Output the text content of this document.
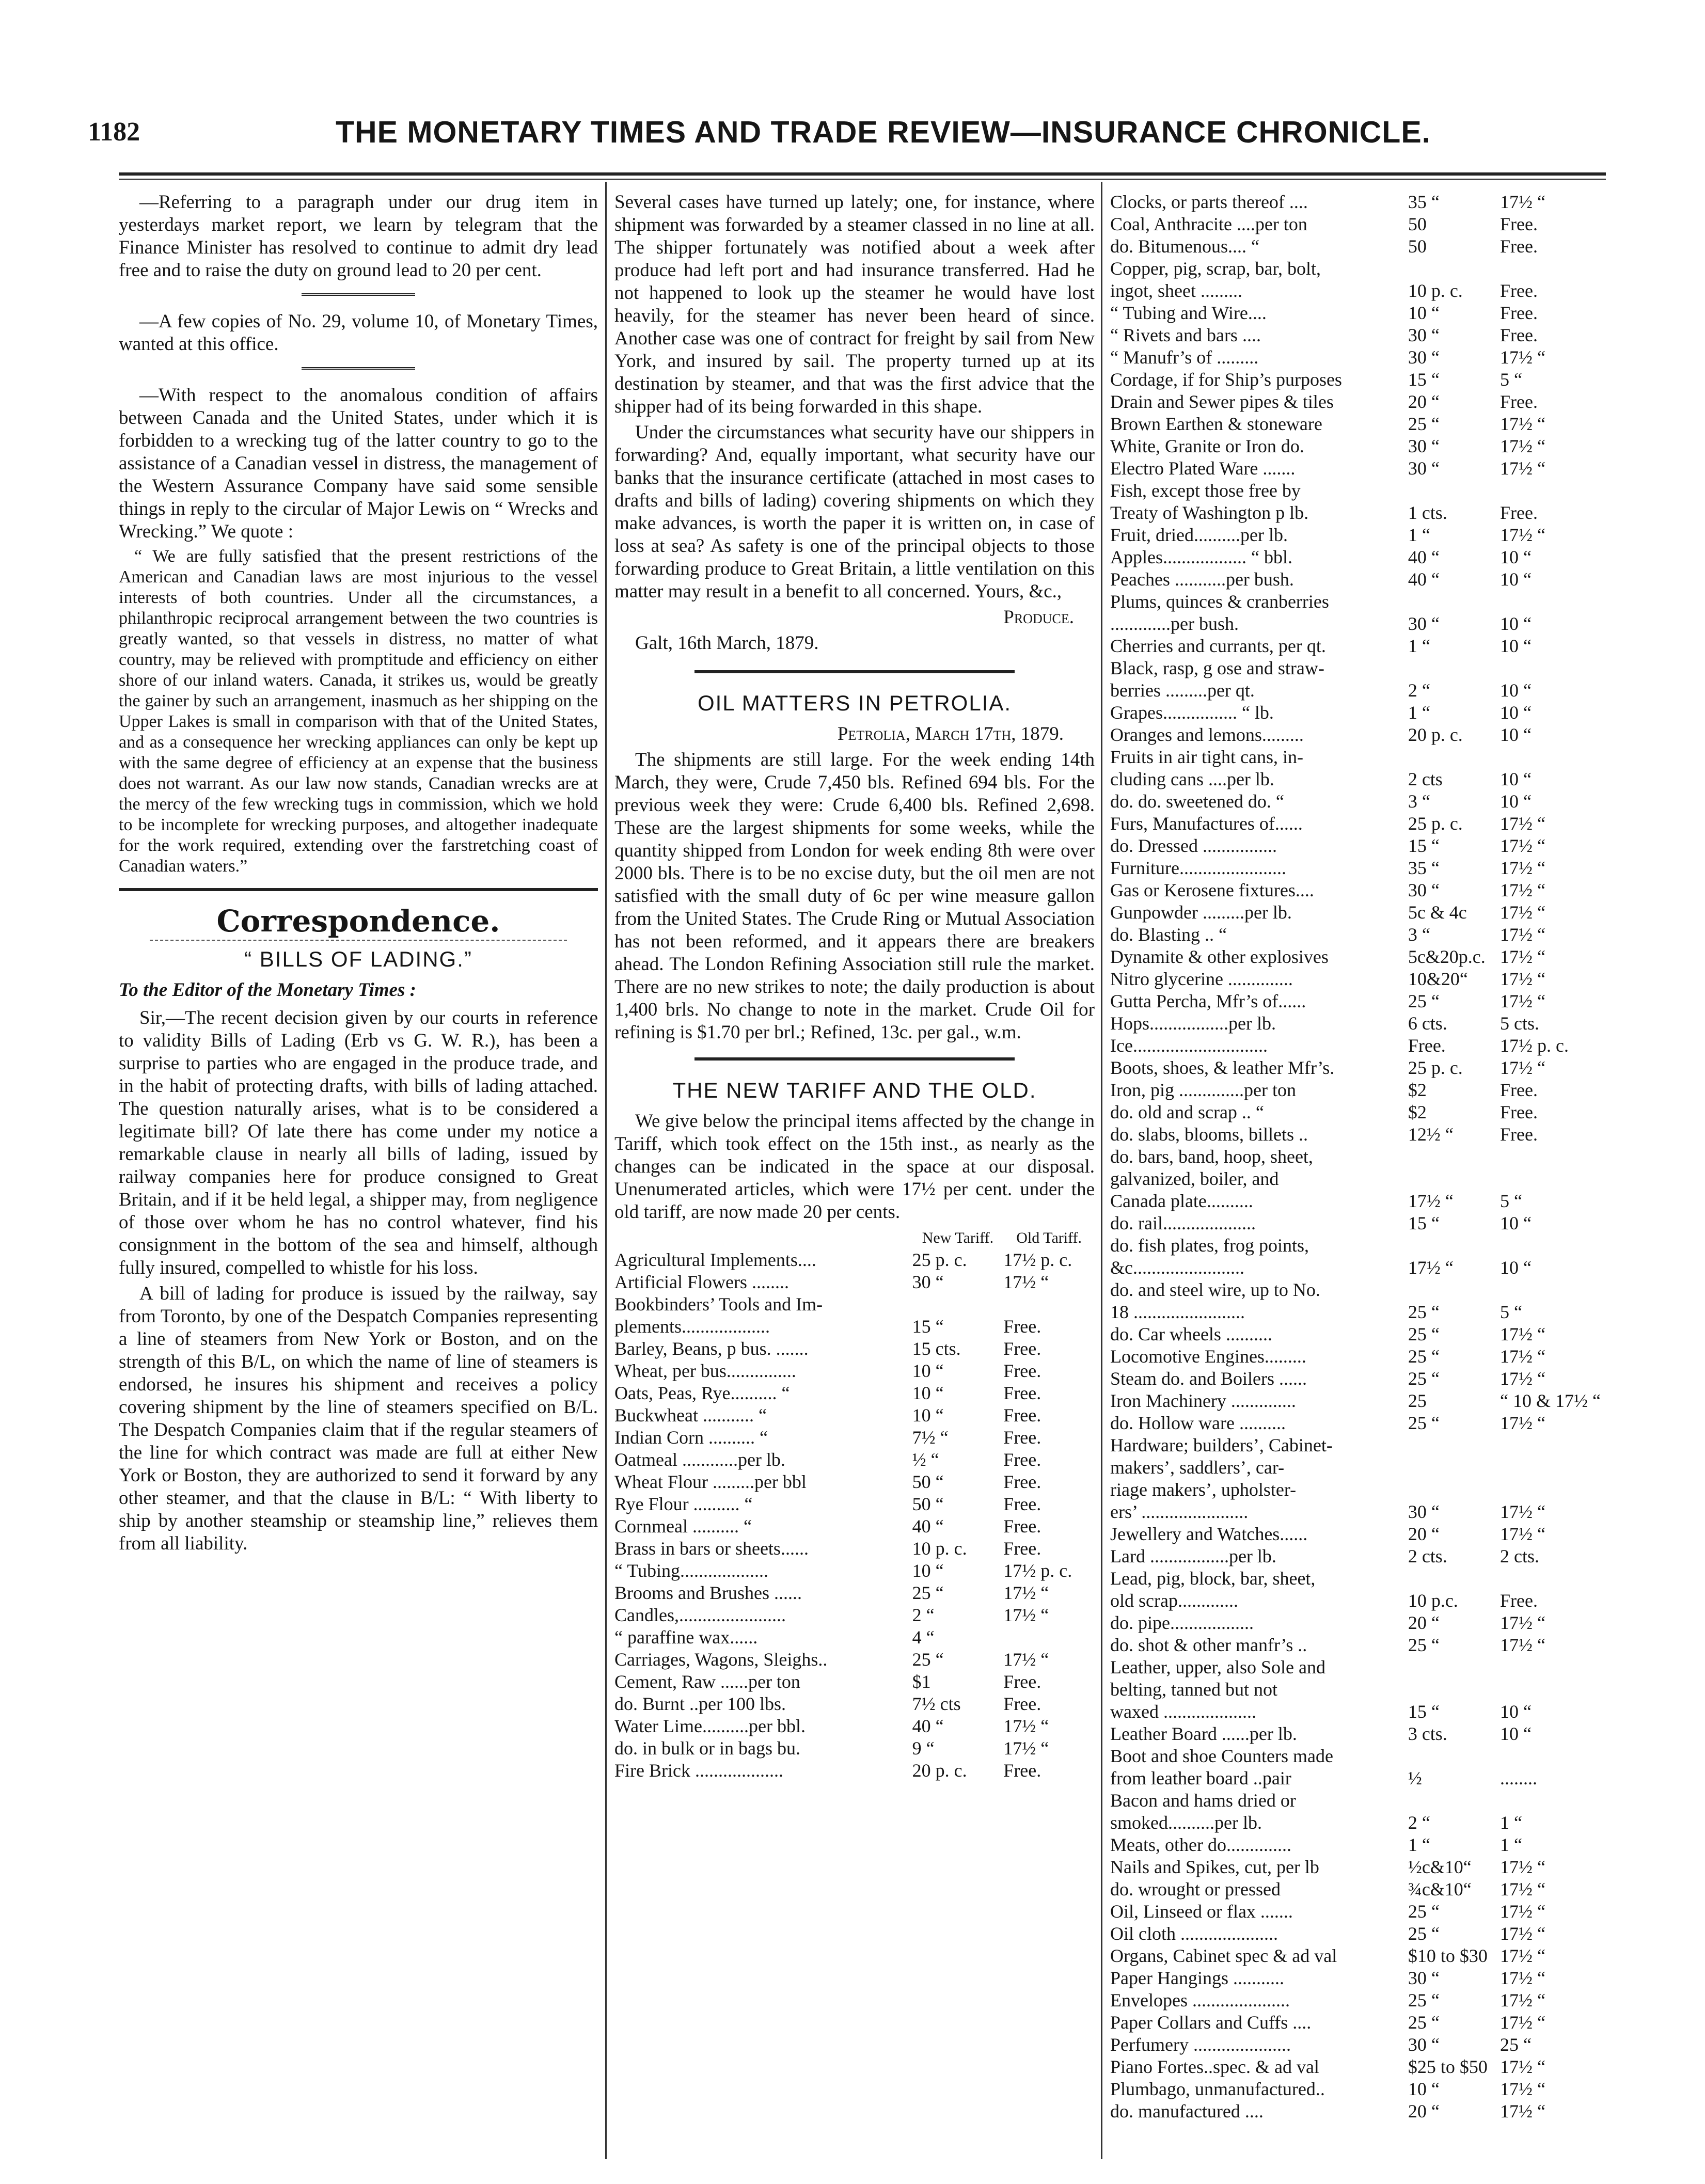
1182	THE MONETARY TIMES AND TRADE REVIEW—INSURANCE CHRONICLE.

—Referring to a paragraph under our drug item in yesterdays market report, we learn by telegram that the Finance Minister has resolved to continue to admit dry lead free and to raise the duty on ground lead to 20 per cent.

—A few copies of No. 29, volume 10, of Monetary Times, wanted at this office.

—With respect to the anomalous condition of affairs between Canada and the United States, under which it is forbidden to a wrecking tug of the latter country to go to the assistance of a Canadian vessel in distress, the management of the Western Assurance Company have said some sensible things in reply to the circular of Major Lewis on “ Wrecks and Wrecking.” We quote :

“ We are fully satisfied that the present restrictions of the American and Canadian laws are most injurious to the vessel interests of both countries. Under all the circumstances, a philanthropic reciprocal arrangement between the two countries is greatly wanted, so that vessels in distress, no matter of what country, may be relieved with promptitude and efficiency on either shore of our inland waters. Canada, it strikes us, would be greatly the gainer by such an arrangement, inasmuch as her shipping on the Upper Lakes is small in comparison with that of the United States, and as a consequence her wrecking appliances can only be kept up with the same degree of efficiency at an expense that the business does not warrant. As our law now stands, Canadian wrecks are at the mercy of the few wrecking tugs in commission, which we hold to be incomplete for wrecking purposes, and altogether inadequate for the work required, extending over the farstretching coast of Canadian waters.”

Correspondence.
“ BILLS OF LADING.”

To the Editor of the Monetary Times :

Sir,—The recent decision given by our courts in reference to validity Bills of Lading (Erb vs G. W. R.), has been a surprise to parties who are engaged in the produce trade, and in the habit of protecting drafts, with bills of lading attached. The question naturally arises, what is to be considered a legitimate bill? Of late there has come under my notice a remarkable clause in nearly all bills of lading, issued by railway companies here for produce consigned to Great Britain, and if it be held legal, a shipper may, from negligence of those over whom he has no control whatever, find his consignment in the bottom of the sea and himself, although fully insured, compelled to whistle for his loss.

A bill of lading for produce is issued by the railway, say from Toronto, by one of the Despatch Companies representing a line of steamers from New York or Boston, and on the strength of this B/L, on which the name of line of steamers is endorsed, he insures his shipment and receives a policy covering shipment by the line of steamers specified on B/L. The Despatch Companies claim that if the regular steamers of the line for which contract was made are full at either New York or Boston, they are authorized to send it forward by any other steamer, and that the clause in B/L: “ With liberty to ship by another steamship or steamship line,” relieves them from all liability.

Several cases have turned up lately; one, for instance, where shipment was forwarded by a steamer classed in no line at all. The shipper fortunately was notified about a week after produce had left port and had insurance transferred. Had he not happened to look up the steamer he would have lost heavily, for the steamer has never been heard of since. Another case was one of contract for freight by sail from New York, and insured by sail. The property turned up at its destination by steamer, and that was the first advice that the shipper had of its being forwarded in this shape.

Under the circumstances what security have our shippers in forwarding? And, equally important, what security have our banks that the insurance certificate (attached in most cases to drafts and bills of lading) covering shipments on which they make advances, is worth the paper it is written on, in case of loss at sea? As safety is one of the principal objects to those forwarding produce to Great Britain, a little ventilation on this matter may result in a benefit to all concerned. Yours, &c.,

Produce.

Galt, 16th March, 1879.

OIL MATTERS IN PETROLIA.

Petrolia, March 17th, 1879.

The shipments are still large. For the week ending 14th March, they were, Crude 7,450 bls. Refined 694 bls. For the previous week they were: Crude 6,400 bls. Refined 2,698. These are the largest shipments for some weeks, while the quantity shipped from London for week ending 8th were over 2000 bls. There is to be no excise duty, but the oil men are not satisfied with the small duty of 6c per wine measure gallon from the United States. The Crude Ring or Mutual Association has not been reformed, and it appears there are breakers ahead. The London Refining Association still rule the market. There are no new strikes to note; the daily production is about 1,400 brls. No change to note in the market. Crude Oil for refining is $1.70 per brl.; Refined, 13c. per gal., w.m.

THE NEW TARIFF AND THE OLD.

We give below the principal items affected by the change in Tariff, which took effect on the 15th inst., as nearly as the changes can be indicated in the space at our disposal. Unenumerated articles, which were 17½ per cent. under the old tariff, are now made 20 per cents.

	New Tariff.	Old Tariff.
Agricultural Implements....	25 p. c.	17½ p. c.
Artificial Flowers ........	30 “	17½ “
Bookbinders’ Tools and Im-		
plements...................	15 “	Free.
Barley, Beans, p bus. .......	15 cts.	Free.
Wheat, per bus...............	10 “	Free.
Oats, Peas, Rye.......... “	10 “	Free.
Buckwheat ........... “	10 “	Free.
Indian Corn .......... “	7½ “	Free.
Oatmeal ............per lb.	½ “	Free.
Wheat Flour .........per bbl	50 “	Free.
Rye Flour .......... “	50 “	Free.
Cornmeal .......... “	40 “	Free.
Brass in bars or sheets......	10 p. c.	Free.
“ Tubing...................	10 “	17½ p. c.
Brooms and Brushes ......	25 “	17½ “
Candles,.......................	2 “	17½ “
“ paraffine wax......	4 “	
Carriages, Wagons, Sleighs..	25 “	17½ “
Cement, Raw ......per ton	$1	Free.
do. Burnt ..per 100 lbs.	7½ cts	Free.
Water Lime..........per bbl.	40 “	17½ “
do. in bulk or in bags bu.	9 “	17½ “
Fire Brick ...................	20 p. c.	Free.
Clocks, or parts thereof ....	35 “	17½ “
Coal, Anthracite ....per ton	50	Free.
do. Bitumenous.... “	50	Free.
Copper, pig, scrap, bar, bolt,		
ingot, sheet .........	10 p. c.	Free.
“ Tubing and Wire....	10 “	Free.
“ Rivets and bars ....	30 “	Free.
“ Manufr’s of .........	30 “	17½ “
Cordage, if for Ship’s purposes	15 “	5 “
Drain and Sewer pipes & tiles	20 “	Free.
Brown Earthen & stoneware	25 “	17½ “
White, Granite or Iron do.	30 “	17½ “
Electro Plated Ware .......	30 “	17½ “
Fish, except those free by		
Treaty of Washington p lb.	1 cts.	Free.
Fruit, dried..........per lb.	1 “	17½ “
Apples.................. “ bbl.	40 “	10 “
Peaches ...........per bush.	40 “	10 “
Plums, quinces & cranberries		
.............per bush.	30 “	10 “
Cherries and currants, per qt.	1 “	10 “
Black, rasp, g ose and straw-		
berries .........per qt.	2 “	10 “
Grapes................ “ lb.	1 “	10 “
Oranges and lemons.........	20 p. c.	10 “
Fruits in air tight cans, in-		
cluding cans ....per lb.	2 cts	10 “
do. do. sweetened do. “	3 “	10 “
Furs, Manufactures of......	25 p. c.	17½ “
do. Dressed ................	15 “	17½ “
Furniture.......................	35 “	17½ “
Gas or Kerosene fixtures....	30 “	17½ “
Gunpowder .........per lb.	5c & 4c	17½ “
do. Blasting .. “	3 “	17½ “
Dynamite & other explosives	5c&20p.c.	17½ “
Nitro glycerine ..............	10&20“	17½ “
Gutta Percha, Mfr’s of......	25 “	17½ “
Hops.................per lb.	6 cts.	5 cts.
Ice.............................	Free.	17½ p. c.
Boots, shoes, & leather Mfr’s.	25 p. c.	17½ “
Iron, pig ..............per ton	$2	Free.
do. old and scrap .. “	$2	Free.
do. slabs, blooms, billets ..	12½ “	Free.
do. bars, band, hoop, sheet,		
galvanized, boiler, and		
Canada plate..........	17½ “	5 “
do. rail....................	15 “	10 “
do. fish plates, frog points,		
&c........................	17½ “	10 “
do. and steel wire, up to No.		
18 ........................	25 “	5 “
do. Car wheels ..........	25 “	17½ “
Locomotive Engines.........	25 “	17½ “
Steam do. and Boilers ......	25 “	17½ “
Iron Machinery ..............	25	“ 10 & 17½ “
do. Hollow ware ..........	25 “	17½ “
Hardware; builders’, Cabinet-		
makers’, saddlers’, car-		
riage makers’, upholster-		
ers’ .......................	30 “	17½ “
Jewellery and Watches......	20 “	17½ “
Lard .................per lb.	2 cts.	2 cts.
Lead, pig, block, bar, sheet,		
old scrap.............	10 p.c.	Free.
do. pipe..................	20 “	17½ “
do. shot & other manfr’s ..	25 “	17½ “
Leather, upper, also Sole and		
belting, tanned but not		
waxed ....................	15 “	10 “
Leather Board ......per lb.	3 cts.	10 “
Boot and shoe Counters made		
from leather board ..pair	½	........
Bacon and hams dried or		
smoked..........per lb.	2 “	1 “
Meats, other do..............	1 “	1 “
Nails and Spikes, cut, per lb	½c&10“	17½ “
do. wrought or pressed	¾c&10“	17½ “
Oil, Linseed or flax .......	25 “	17½ “
Oil cloth .....................	25 “	17½ “
Organs, Cabinet spec & ad val	$10 to $30	17½ “
Paper Hangings ...........	30 “	17½ “
Envelopes .....................	25 “	17½ “
Paper Collars and Cuffs ....	25 “	17½ “
Perfumery .....................	30 “	25 “
Piano Fortes..spec. & ad val	$25 to $50	17½ “
Plumbago, unmanufactured..	10 “	17½ “
do. manufactured ....	20 “	17½ “
